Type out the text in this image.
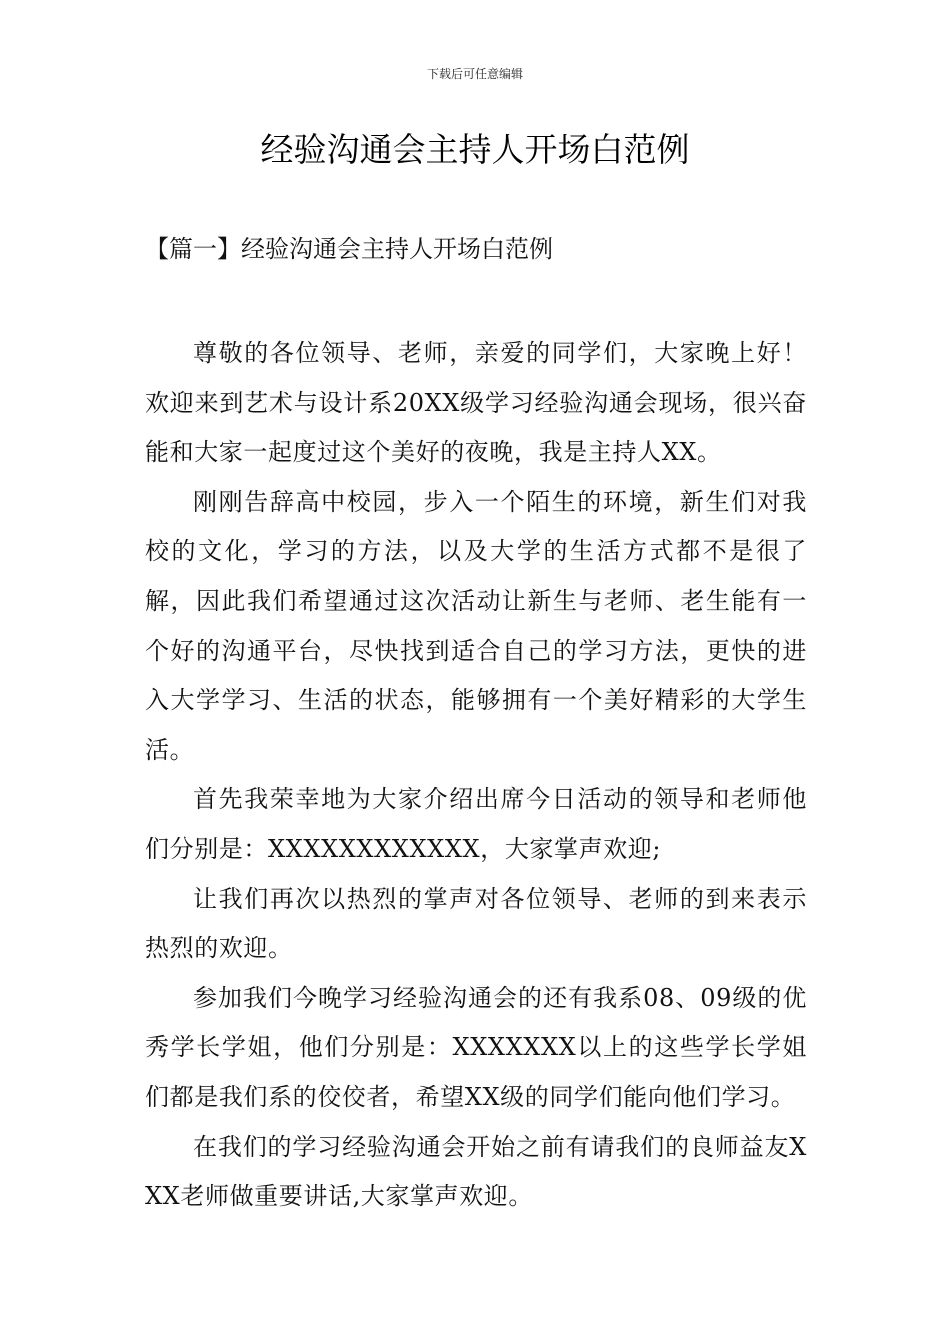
下载后可任意编辑
经验沟通会主持人开场白范例
【篇一】经验沟通会主持人开场白范例

尊敬的各位领导、老师，亲爱的同学们，大家晚上好！欢迎来到艺术与设计系20XX级学习经验沟通会现场，很兴奋能和大家一起度过这个美好的夜晚，我是主持人XX。

刚刚告辞高中校园，步入一个陌生的环境，新生们对我校的文化，学习的方法，以及大学的生活方式都不是很了解，因此我们希望通过这次活动让新生与老师、老生能有一个好的沟通平台，尽快找到适合自己的学习方法，更快的进入大学学习、生活的状态，能够拥有一个美好精彩的大学生活。

首先我荣幸地为大家介绍出席今日活动的领导和老师他们分别是：XXXXXXXXXXXX，大家掌声欢迎;

让我们再次以热烈的掌声对各位领导、老师的到来表示热烈的欢迎。

参加我们今晚学习经验沟通会的还有我系08、09级的优秀学长学姐，他们分别是：XXXXXXX以上的这些学长学姐们都是我们系的佼佼者，希望XX级的同学们能向他们学习。

在我们的学习经验沟通会开始之前有请我们的良师益友XXX老师做重要讲话,大家掌声欢迎。
